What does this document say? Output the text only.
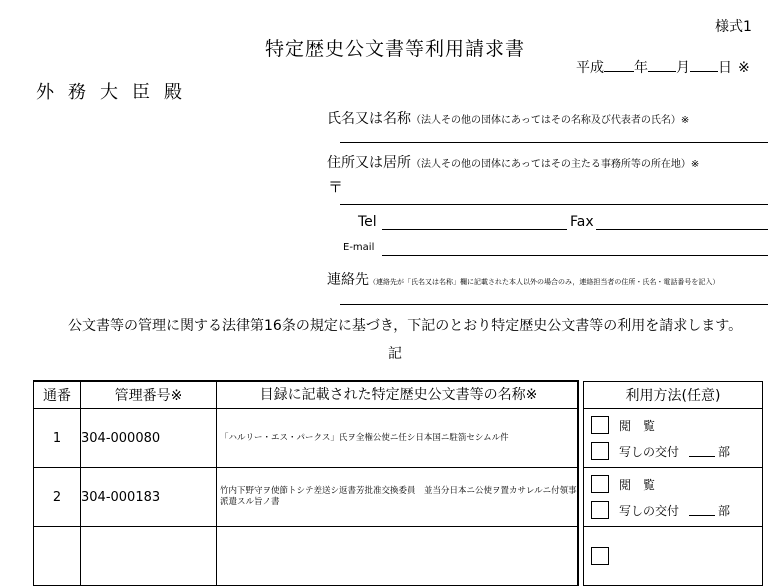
様式1
特定歴史公文書等利用請求書
平成 年 月 日 ※
外務大臣殿
氏名又は名称（法人その他の団体にあってはその名称及び代表者の氏名）※
住所又は居所（法人その他の団体にあってはその主たる事務所等の所在地）※
〒
Tel	Fax
E-mail
連絡先（連絡先が「氏名又は名称」欄に記載された本人以外の場合のみ，連絡担当者の住所・氏名・電話番号を記入）
公文書等の管理に関する法律第16条の規定に基づき，下記のとおり特定歴史公文書等の利用を請求します。
記
通番	管理番号※	目録に記載された特定歴史公文書等の名称※		利用方法(任意)
1	304-000080	「ハルリー・エス・パークス」氏ヲ全権公使ニ任シ日本国ニ駐箚セシムル件		閲　覧
写しの交付 部

2	304-000183	竹内下野守ヲ使節トシテ差送シ返書芳批准交換委員　並当分日本ニ公使ヲ置カサレルニ付領事派遣スル旨ノ書		閲　覧
写しの交付 部
